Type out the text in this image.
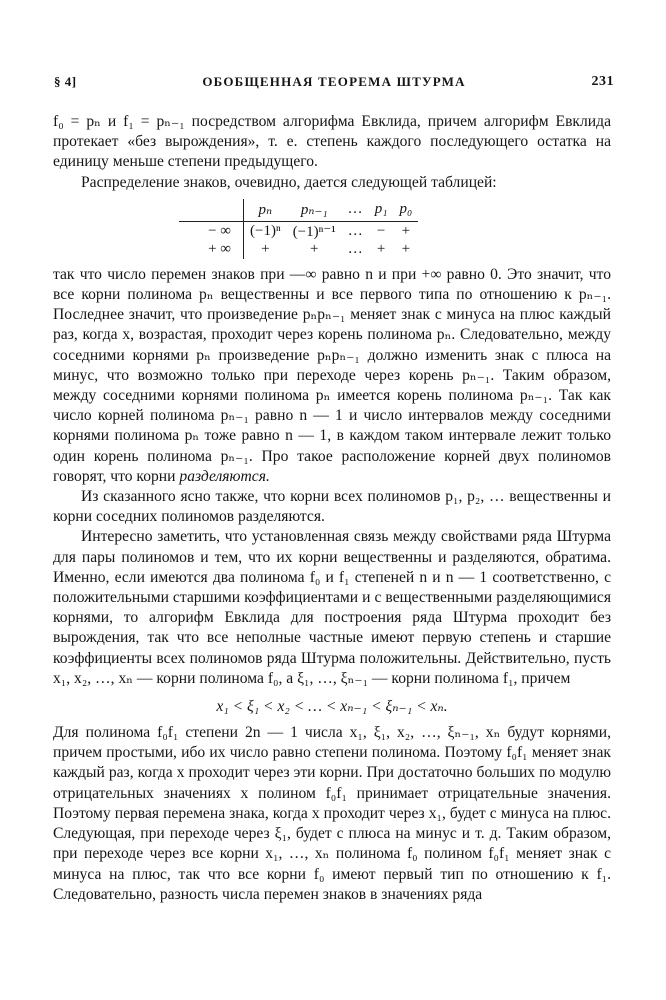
§ 4]	ОБОБЩЕННАЯ ТЕОРЕМА ШТУРМА	231

f₀ = pₙ и f₁ = pₙ₋₁ посредством алгорифма Евклида, причем алгорифм Евклида протекает «без вырождения», т. е. степень каждого последующего остатка на единицу меньше степени предыдущего.

Распределение знаков, очевидно, дается следующей таблицей:

		pₙ	pₙ₋₁	…	p₁	p₀
− ∞		(−1)ⁿ	(−1)ⁿ⁻¹	…	−	+
+ ∞		+	+	…	+	+

так что число перемен знаков при —∞ равно n и при +∞ равно 0. Это значит, что все корни полинома pₙ вещественны и все первого типа по отношению к pₙ₋₁. Последнее значит, что произведение pₙpₙ₋₁ меняет знак с минуса на плюс каждый раз, когда x, возрастая, проходит через корень полинома pₙ. Следовательно, между соседними корнями pₙ произведение pₙpₙ₋₁ должно изменить знак с плюса на минус, что возможно только при переходе через корень pₙ₋₁. Таким образом, между соседними корнями полинома pₙ имеется корень полинома pₙ₋₁. Так как число корней полинома pₙ₋₁ равно n — 1 и число интервалов между соседними корнями полинома pₙ тоже равно n — 1, в каждом таком интервале лежит только один корень полинома pₙ₋₁. Про такое расположение корней двух полиномов говорят, что корни разделяются.

Из сказанного ясно также, что корни всех полиномов p₁, p₂, … вещественны и корни соседних полиномов разделяются.

Интересно заметить, что установленная связь между свойствами ряда Штурма для пары полиномов и тем, что их корни вещественны и разделяются, обратима. Именно, если имеются два полинома f₀ и f₁ степеней n и n — 1 соответственно, с положительными старшими коэффициентами и с вещественными разделяющимися корнями, то алгорифм Евклида для построения ряда Штурма проходит без вырождения, так что все неполные частные имеют первую степень и старшие коэффициенты всех полиномов ряда Штурма положительны. Действительно, пусть x₁, x₂, …, xₙ — корни полинома f₀, а ξ₁, …, ξₙ₋₁ — корни полинома f₁, причем

x₁ < ξ₁ < x₂ < … < xₙ₋₁ < ξₙ₋₁ < xₙ.

Для полинома f₀f₁ степени 2n — 1 числа x₁, ξ₁, x₂, …, ξₙ₋₁, xₙ будут корнями, причем простыми, ибо их число равно степени полинома. Поэтому f₀f₁ меняет знак каждый раз, когда x проходит через эти корни. При достаточно больших по модулю отрицательных значениях x полином f₀f₁ принимает отрицательные значения. Поэтому первая перемена знака, когда x проходит через x₁, будет с минуса на плюс. Следующая, при переходе через ξ₁, будет с плюса на минус и т. д. Таким образом, при переходе через все корни x₁, …, xₙ полинома f₀ полином f₀f₁ меняет знак с минуса на плюс, так что все корни f₀ имеют первый тип по отношению к f₁. Следовательно, разность числа перемен знаков в значениях ряда
